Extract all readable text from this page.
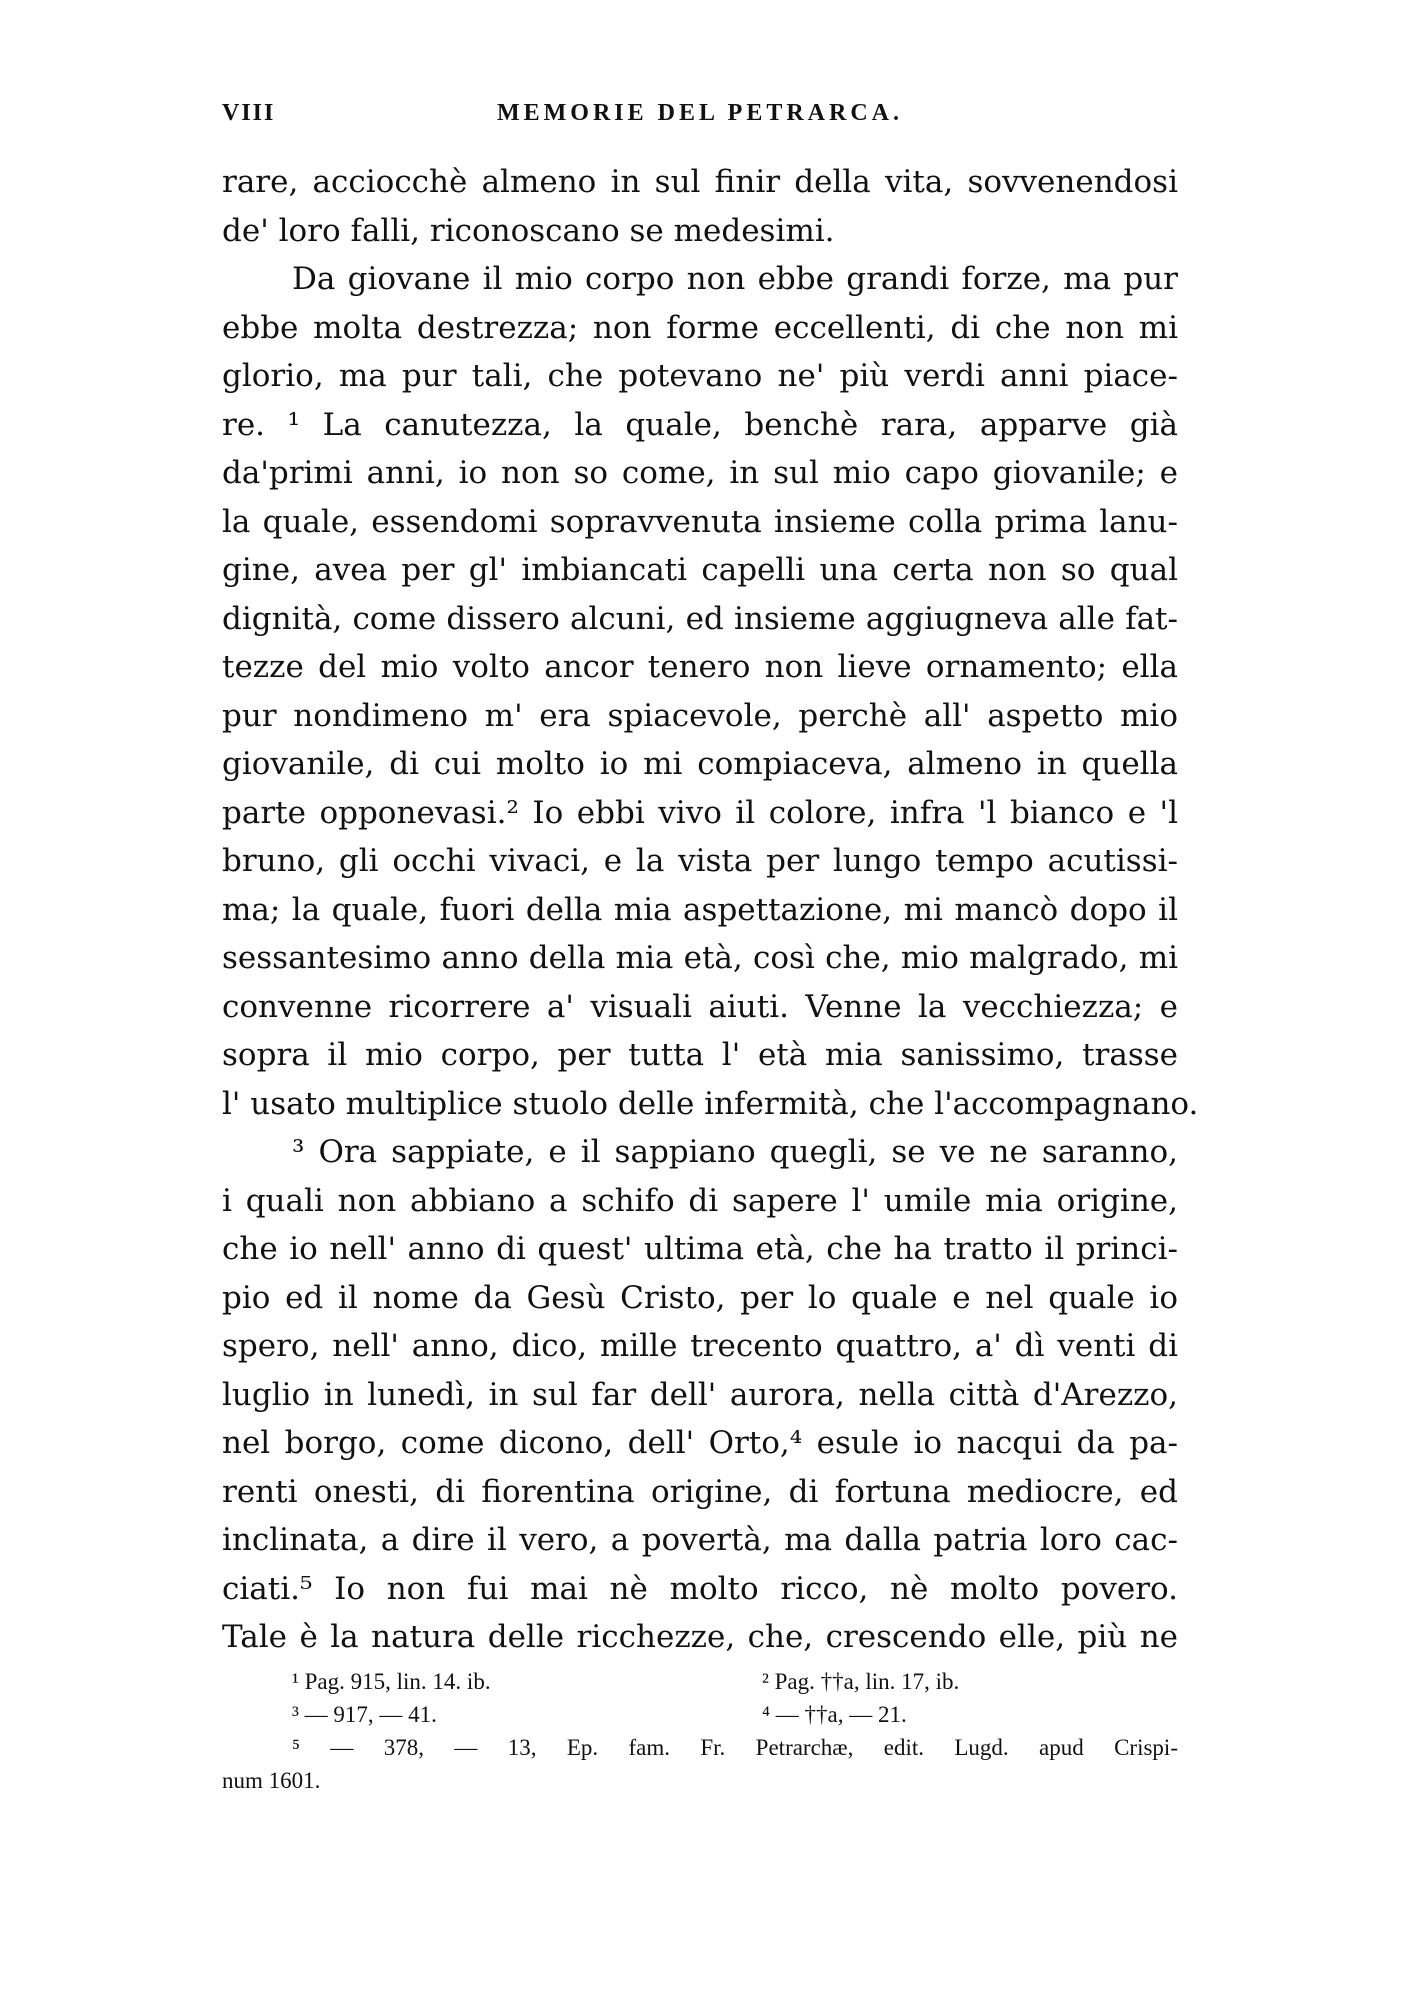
VIII	MEMORIE DEL PETRARCA.

rare, acciocchè almeno in sul finir della vita, sovvenendosi
de' loro falli, riconoscano se medesimi.

Da giovane il mio corpo non ebbe grandi forze, ma pur
ebbe molta destrezza; non forme eccellenti, di che non mi
glorio, ma pur tali, che potevano ne' più verdi anni piace-
re. ¹ La canutezza, la quale, benchè rara, apparve già
da'primi anni, io non so come, in sul mio capo giovanile; e
la quale, essendomi sopravvenuta insieme colla prima lanu-
gine, avea per gl' imbiancati capelli una certa non so qual
dignità, come dissero alcuni, ed insieme aggiugneva alle fat-
tezze del mio volto ancor tenero non lieve ornamento; ella
pur nondimeno m' era spiacevole, perchè all' aspetto mio
giovanile, di cui molto io mi compiaceva, almeno in quella
parte opponevasi.² Io ebbi vivo il colore, infra 'l bianco e 'l
bruno, gli occhi vivaci, e la vista per lungo tempo acutissi-
ma; la quale, fuori della mia aspettazione, mi mancò dopo il
sessantesimo anno della mia età, così che, mio malgrado, mi
convenne ricorrere a' visuali aiuti. Venne la vecchiezza; e
sopra il mio corpo, per tutta l' età mia sanissimo, trasse
l' usato multiplice stuolo delle infermità, che l'accompagnano.

³ Ora sappiate, e il sappiano quegli, se ve ne saranno,
i quali non abbiano a schifo di sapere l' umile mia origine,
che io nell' anno di quest' ultima età, che ha tratto il princi-
pio ed il nome da Gesù Cristo, per lo quale e nel quale io
spero, nell' anno, dico, mille trecento quattro, a' dì venti di
luglio in lunedì, in sul far dell' aurora, nella città d'Arezzo,
nel borgo, come dicono, dell' Orto,⁴ esule io nacqui da pa-
renti onesti, di fiorentina origine, di fortuna mediocre, ed
inclinata, a dire il vero, a povertà, ma dalla patria loro cac-
ciati.⁵ Io non fui mai nè molto ricco, nè molto povero.
Tale è la natura delle ricchezze, che, crescendo elle, più ne

¹ Pag. 915, lin. 14. ib.	² Pag. ††a, lin. 17, ib.
³ — 917, — 41.	⁴ — ††a, — 21.
⁵ — 378, — 13, Ep. fam. Fr. Petrarchæ, edit. Lugd. apud Crispi-
num 1601.
